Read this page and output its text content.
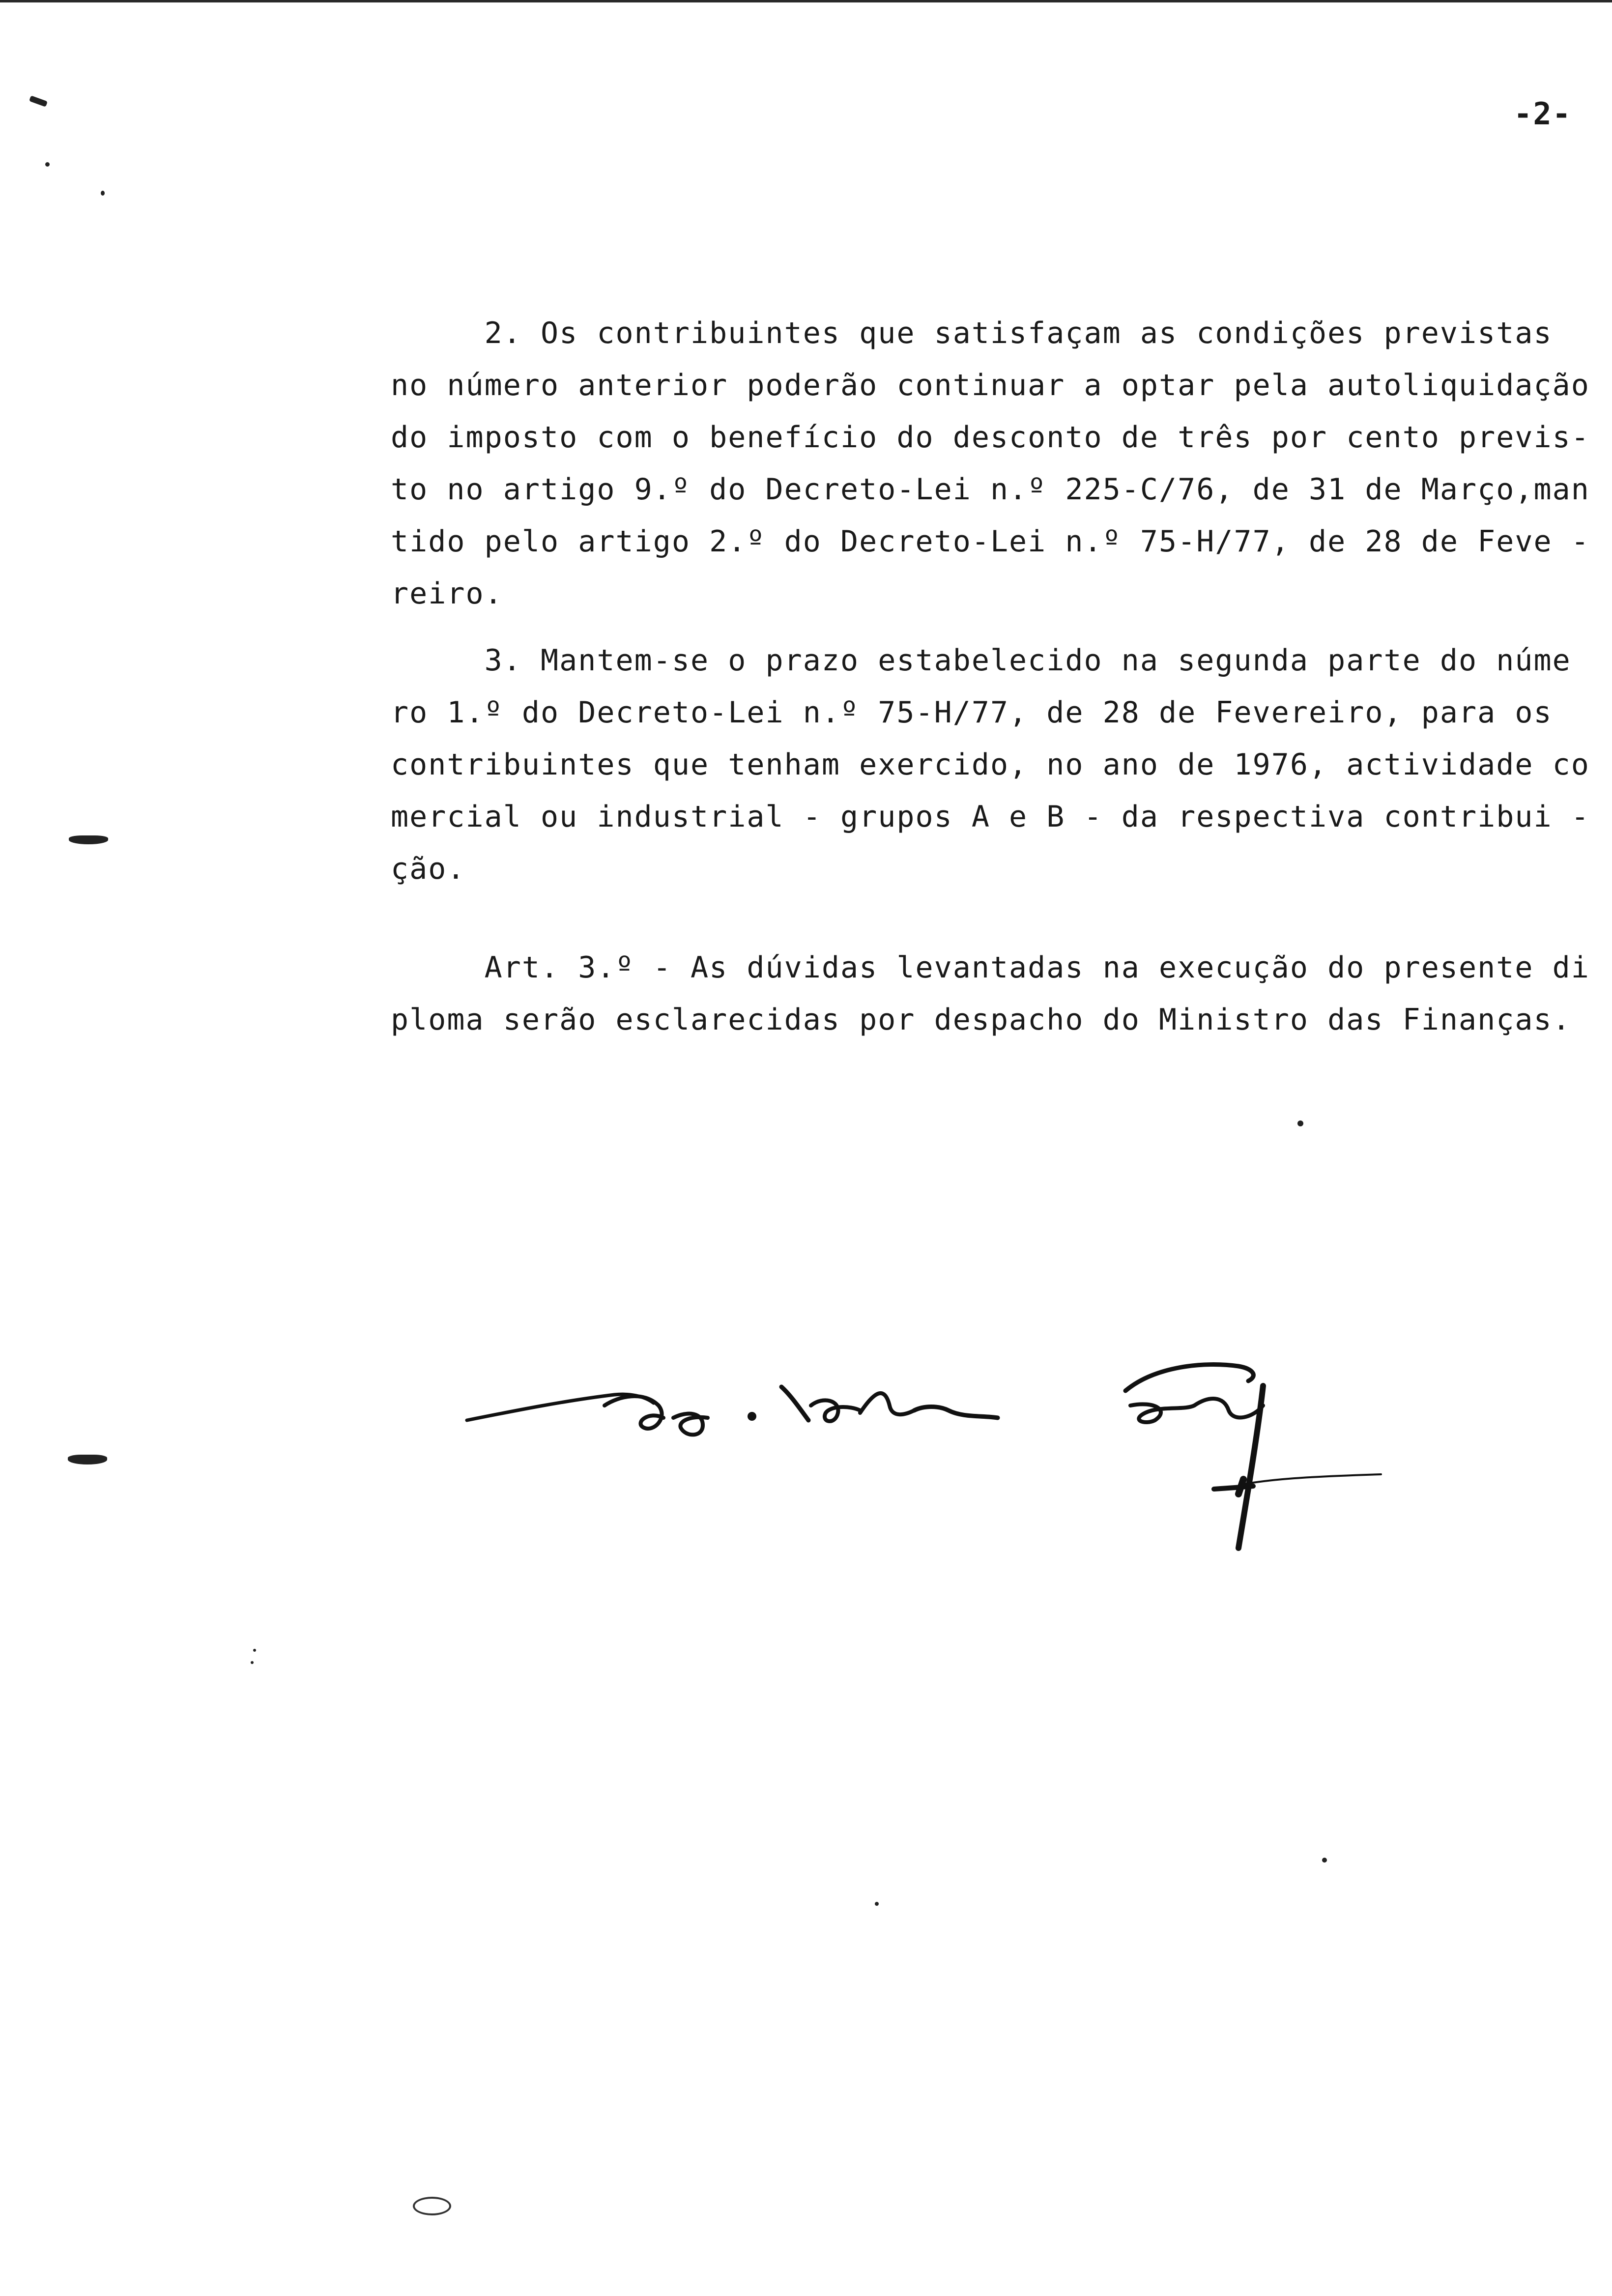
-2-
2. Os contribuintes que satisfaçam as condições previstas
no número anterior poderão continuar a optar pela autoliquidação
do imposto com o benefício do desconto de três por cento previs-
to no artigo 9.º do Decreto-Lei n.º 225-C/76, de 31 de Março,man
tido pelo artigo 2.º do Decreto-Lei n.º 75-H/77, de 28 de Feve -
reiro.
3. Mantem-se o prazo estabelecido na segunda parte do núme
ro 1.º do Decreto-Lei n.º 75-H/77, de 28 de Fevereiro, para os
contribuintes que tenham exercido, no ano de 1976, actividade co
mercial ou industrial - grupos A e B - da respectiva contribui -
ção.
Art. 3.º - As dúvidas levantadas na execução do presente di
ploma serão esclarecidas por despacho do Ministro das Finanças.
